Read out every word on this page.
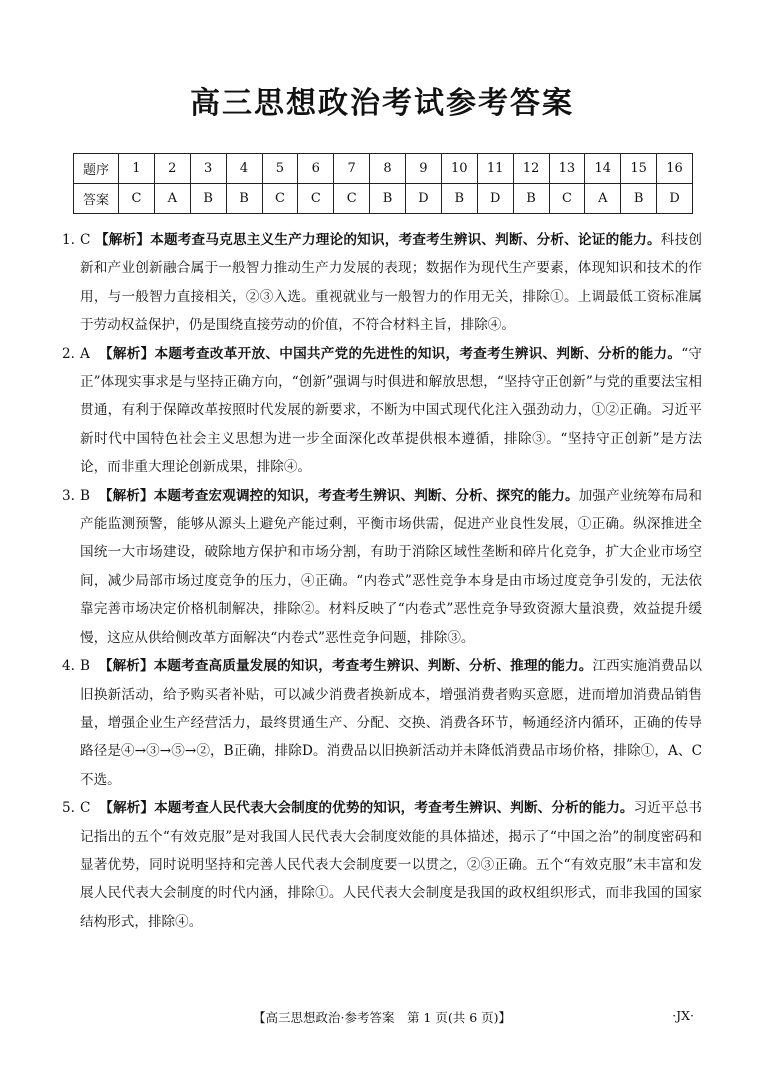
高三思想政治考试参考答案
题序	1	2	3	4	5	6	7	8	9	10	11	12	13	14	15	16
答案	C	A	B	B	C	C	C	B	D	B	D	B	C	A	B	D
1. C 【解析】本题考查马克思主义生产力理论的知识，考查考生辨识、判断、分析、论证的能力。科技创新和产业创新融合属于一般智力推动生产力发展的表现；数据作为现代生产要素，体现知识和技术的作用，与一般智力直接相关，②③入选。重视就业与一般智力的作用无关，排除①。上调最低工资标准属于劳动权益保护，仍是围绕直接劳动的价值，不符合材料主旨，排除④。
2. A 【解析】本题考查改革开放、中国共产党的先进性的知识，考查考生辨识、判断、分析的能力。“守正”体现实事求是与坚持正确方向，“创新”强调与时俱进和解放思想，“坚持守正创新”与党的重要法宝相贯通，有利于保障改革按照时代发展的新要求，不断为中国式现代化注入强劲动力，①②正确。习近平新时代中国特色社会主义思想为进一步全面深化改革提供根本遵循，排除③。“坚持守正创新”是方法论，而非重大理论创新成果，排除④。
3. B 【解析】本题考查宏观调控的知识，考查考生辨识、判断、分析、探究的能力。加强产业统筹布局和产能监测预警，能够从源头上避免产能过剩，平衡市场供需，促进产业良性发展，①正确。纵深推进全国统一大市场建设，破除地方保护和市场分割，有助于消除区域性垄断和碎片化竞争，扩大企业市场空间，减少局部市场过度竞争的压力，④正确。“内卷式”恶性竞争本身是由市场过度竞争引发的，无法依靠完善市场决定价格机制解决，排除②。材料反映了“内卷式”恶性竞争导致资源大量浪费，效益提升缓慢，这应从供给侧改革方面解决“内卷式”恶性竞争问题，排除③。
4. B 【解析】本题考查高质量发展的知识，考查考生辨识、判断、分析、推理的能力。江西实施消费品以旧换新活动，给予购买者补贴，可以减少消费者换新成本，增强消费者购买意愿，进而增加消费品销售量，增强企业生产经营活力，最终贯通生产、分配、交换、消费各环节，畅通经济内循环，正确的传导路径是④→③→⑤→②，B正确，排除D。消费品以旧换新活动并未降低消费品市场价格，排除①，A、C不选。
5. C 【解析】本题考查人民代表大会制度的优势的知识，考查考生辨识、判断、分析的能力。习近平总书记指出的五个“有效克服”是对我国人民代表大会制度效能的具体描述，揭示了“中国之治”的制度密码和显著优势，同时说明坚持和完善人民代表大会制度要一以贯之，②③正确。五个“有效克服”未丰富和发展人民代表大会制度的时代内涵，排除①。人民代表大会制度是我国的政权组织形式，而非我国的国家结构形式，排除④。
【高三思想政治·参考答案　第 1 页(共 6 页)】	·JX·
